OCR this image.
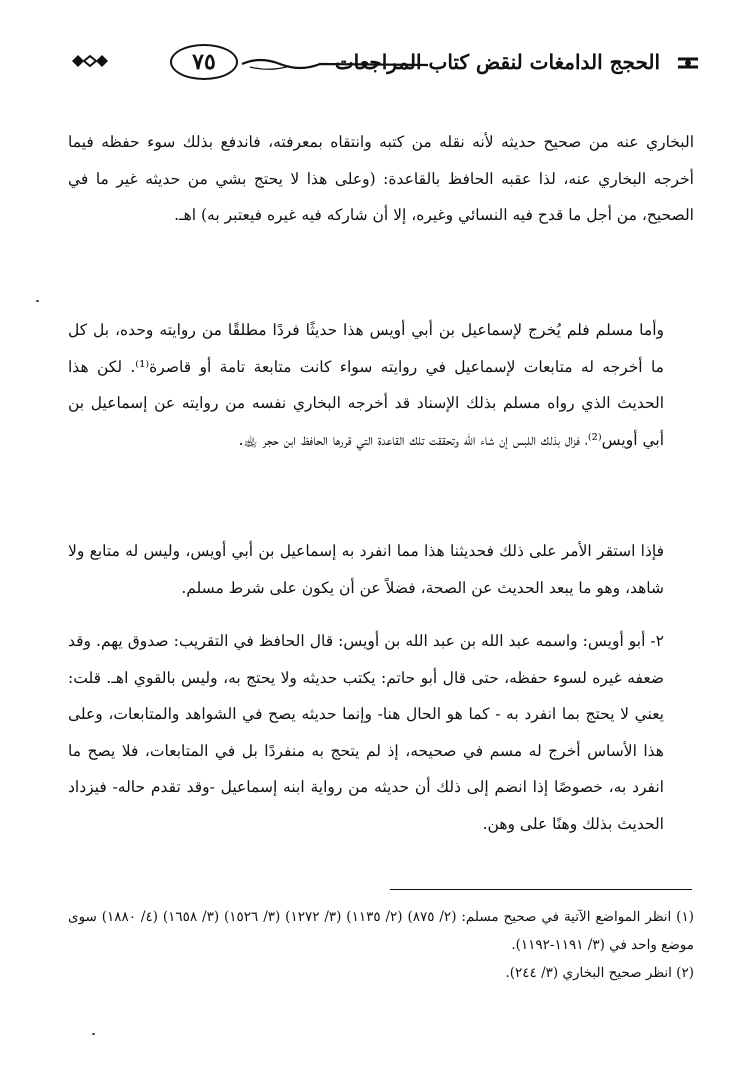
٧٥	الحجج الدامغات لنقض كتاب المراجعات

البخاري عنه من صحيح حديثه لأنه نقله من كتبه وانتقاه بمعرفته، فاندفع بذلك سوء حفظه فيما أخرجه البخاري عنه، لذا عقبه الحافظ بالقاعدة: (وعلى هذا لا يحتج بشي من حديثه غير ما في الصحيح، من أجل ما قدح فيه النسائي وغيره، إلا أن شاركه فيه غيره فيعتبر به) اهـ.

وأما مسلم فلم يُخرج لإسماعيل بن أبي أويس هذا حديثًا فردًا مطلقًا من روايته وحده، بل كل ما أخرجه له متابعات لإسماعيل في روايته سواء كانت متابعة تامة أو قاصرة⁽¹⁾. لكن هذا الحديث الذي رواه مسلم بذلك الإسناد قد أخرجه البخاري نفسه من روايته عن إسماعيل بن أبي أويس⁽²⁾، فزال بذلك اللبس إن شاء الله وتحققت تلك القاعدة التي قررها الحافظ ابن حجر ﵀.

فإذا استقر الأمر على ذلك فحديثنا هذا مما انفرد به إسماعيل بن أبي أويس، وليس له متابع ولا شاهد، وهو ما يبعد الحديث عن الصحة، فضلاً عن أن يكون على شرط مسلم.

٢- أبو أويس: واسمه عبد الله بن عبد الله بن أويس: قال الحافظ في التقريب: صدوق يهم. وقد ضعفه غيره لسوء حفظه، حتى قال أبو حاتم: يكتب حديثه ولا يحتج به، وليس بالقوي اهـ. قلت: يعني لا يحتج بما انفرد به - كما هو الحال هنا- وإنما حديثه يصح في الشواهد والمتابعات، وعلى هذا الأساس أخرج له مسم في صحيحه، إذ لم يتحج به منفردًا بل في المتابعات، فلا يصح ما انفرد به، خصوصًا إذا انضم إلى ذلك أن حديثه من رواية ابنه إسماعيل -وقد تقدم حاله- فيزداد الحديث بذلك وهنًا على وهن.

(١) انظر المواضع الآتية في صحيح مسلم: (٢/ ٨٧٥) (٢/ ١١٣٥) (٣/ ١٢٧٢) (٣/ ١٥٢٦) (٣/ ١٦٥٨) (٤/ ١٨٨٠) سوى موضع واحد في (٣/ ١١٩١-١١٩٢).

(٢) انظر صحيح البخاري (٣/ ٢٤٤).
